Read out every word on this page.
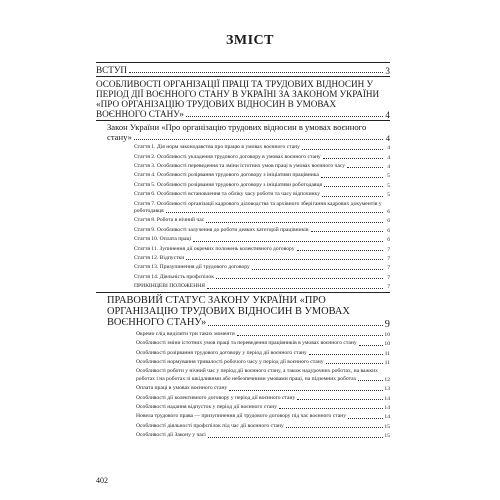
ЗМІСТ
ВСТУП	3
ОСОБЛИВОСТІ ОРГАНІЗАЦІЇ ПРАЦІ ТА ТРУДОВИХ ВІДНОСИН У ПЕРІОД ДІЇ ВОЄННОГО СТАНУ В УКРАЇНІ ЗА ЗАКОНОМ УКРАЇНИ «ПРО ОРГАНІЗАЦІЮ ТРУДОВИХ ВІДНОСИН В УМОВАХ ВОЄННОГО СТАНУ»	4
Закон України «Про організацію трудових відносин в умовах воєнного стану»	4
Стаття 1. Дія норм законодавства про працю в умовах воєнного стану	4
Стаття 2. Особливості укладення трудового договору в умовах воєнного стану	4
Стаття 3. Особливості переведення та зміни істотних умов праці в умовах воєнного часу	4
Стаття 4. Особливості розірвання трудового договору з ініціативи працівника	5
Стаття 5. Особливості розірвання трудового договору з ініціативи роботодавця	5
Стаття 6. Особливості встановлення та обліку часу роботи та часу відпочинку	5
Стаття 7. Особливості організації кадрового діловодства та архівного зберігання кадрових документів у роботодавця	6
Стаття 8. Робота в нічний час	6
Стаття 9. Особливості залучення до роботи деяких категорій працівників	6
Стаття 10. Оплата праці	6
Стаття 11. Зупинення дії окремих положень колективного договору	7
Стаття 12. Відпустки	7
Стаття 13. Призупинення дії трудового договору	7
Стаття 14. Діяльність профспілок	7
ПРИКІНЦЕВІ ПОЛОЖЕННЯ	7
ПРАВОВИЙ СТАТУС ЗАКОНУ УКРАЇНИ «ПРО ОРГАНІЗАЦІЮ ТРУДОВИХ ВІДНОСИН В УМОВАХ ВОЄННОГО СТАНУ»	9
Окремо слід виділити три таких моменти	10
Особливості зміни істотних умов праці та переведення працівників в умовах воєнного стану	10
Особливості розірвання трудового договору у період дії воєнного стану	11
Особливості нормування тривалості робочого часу у період дії воєнного стану	11
Особливості роботи у нічний час у період дії воєнного стану, а також надурочних роботах, на важких роботах і на роботах зі шкідливими або небезпечними умовами праці, на підземних роботах	12
Оплата праці в умовах воєнного стану	13
Особливості дії колективного договору у період дії воєнного стану	14
Особливості надання відпусток у період дії воєнного стану	14
Новела трудового права — призупинення дії трудового договору під час воєнного стану	14
Особливості діяльності профспілок під час дії воєнного стану	15
Особливості дії Закону у часі	15
402
